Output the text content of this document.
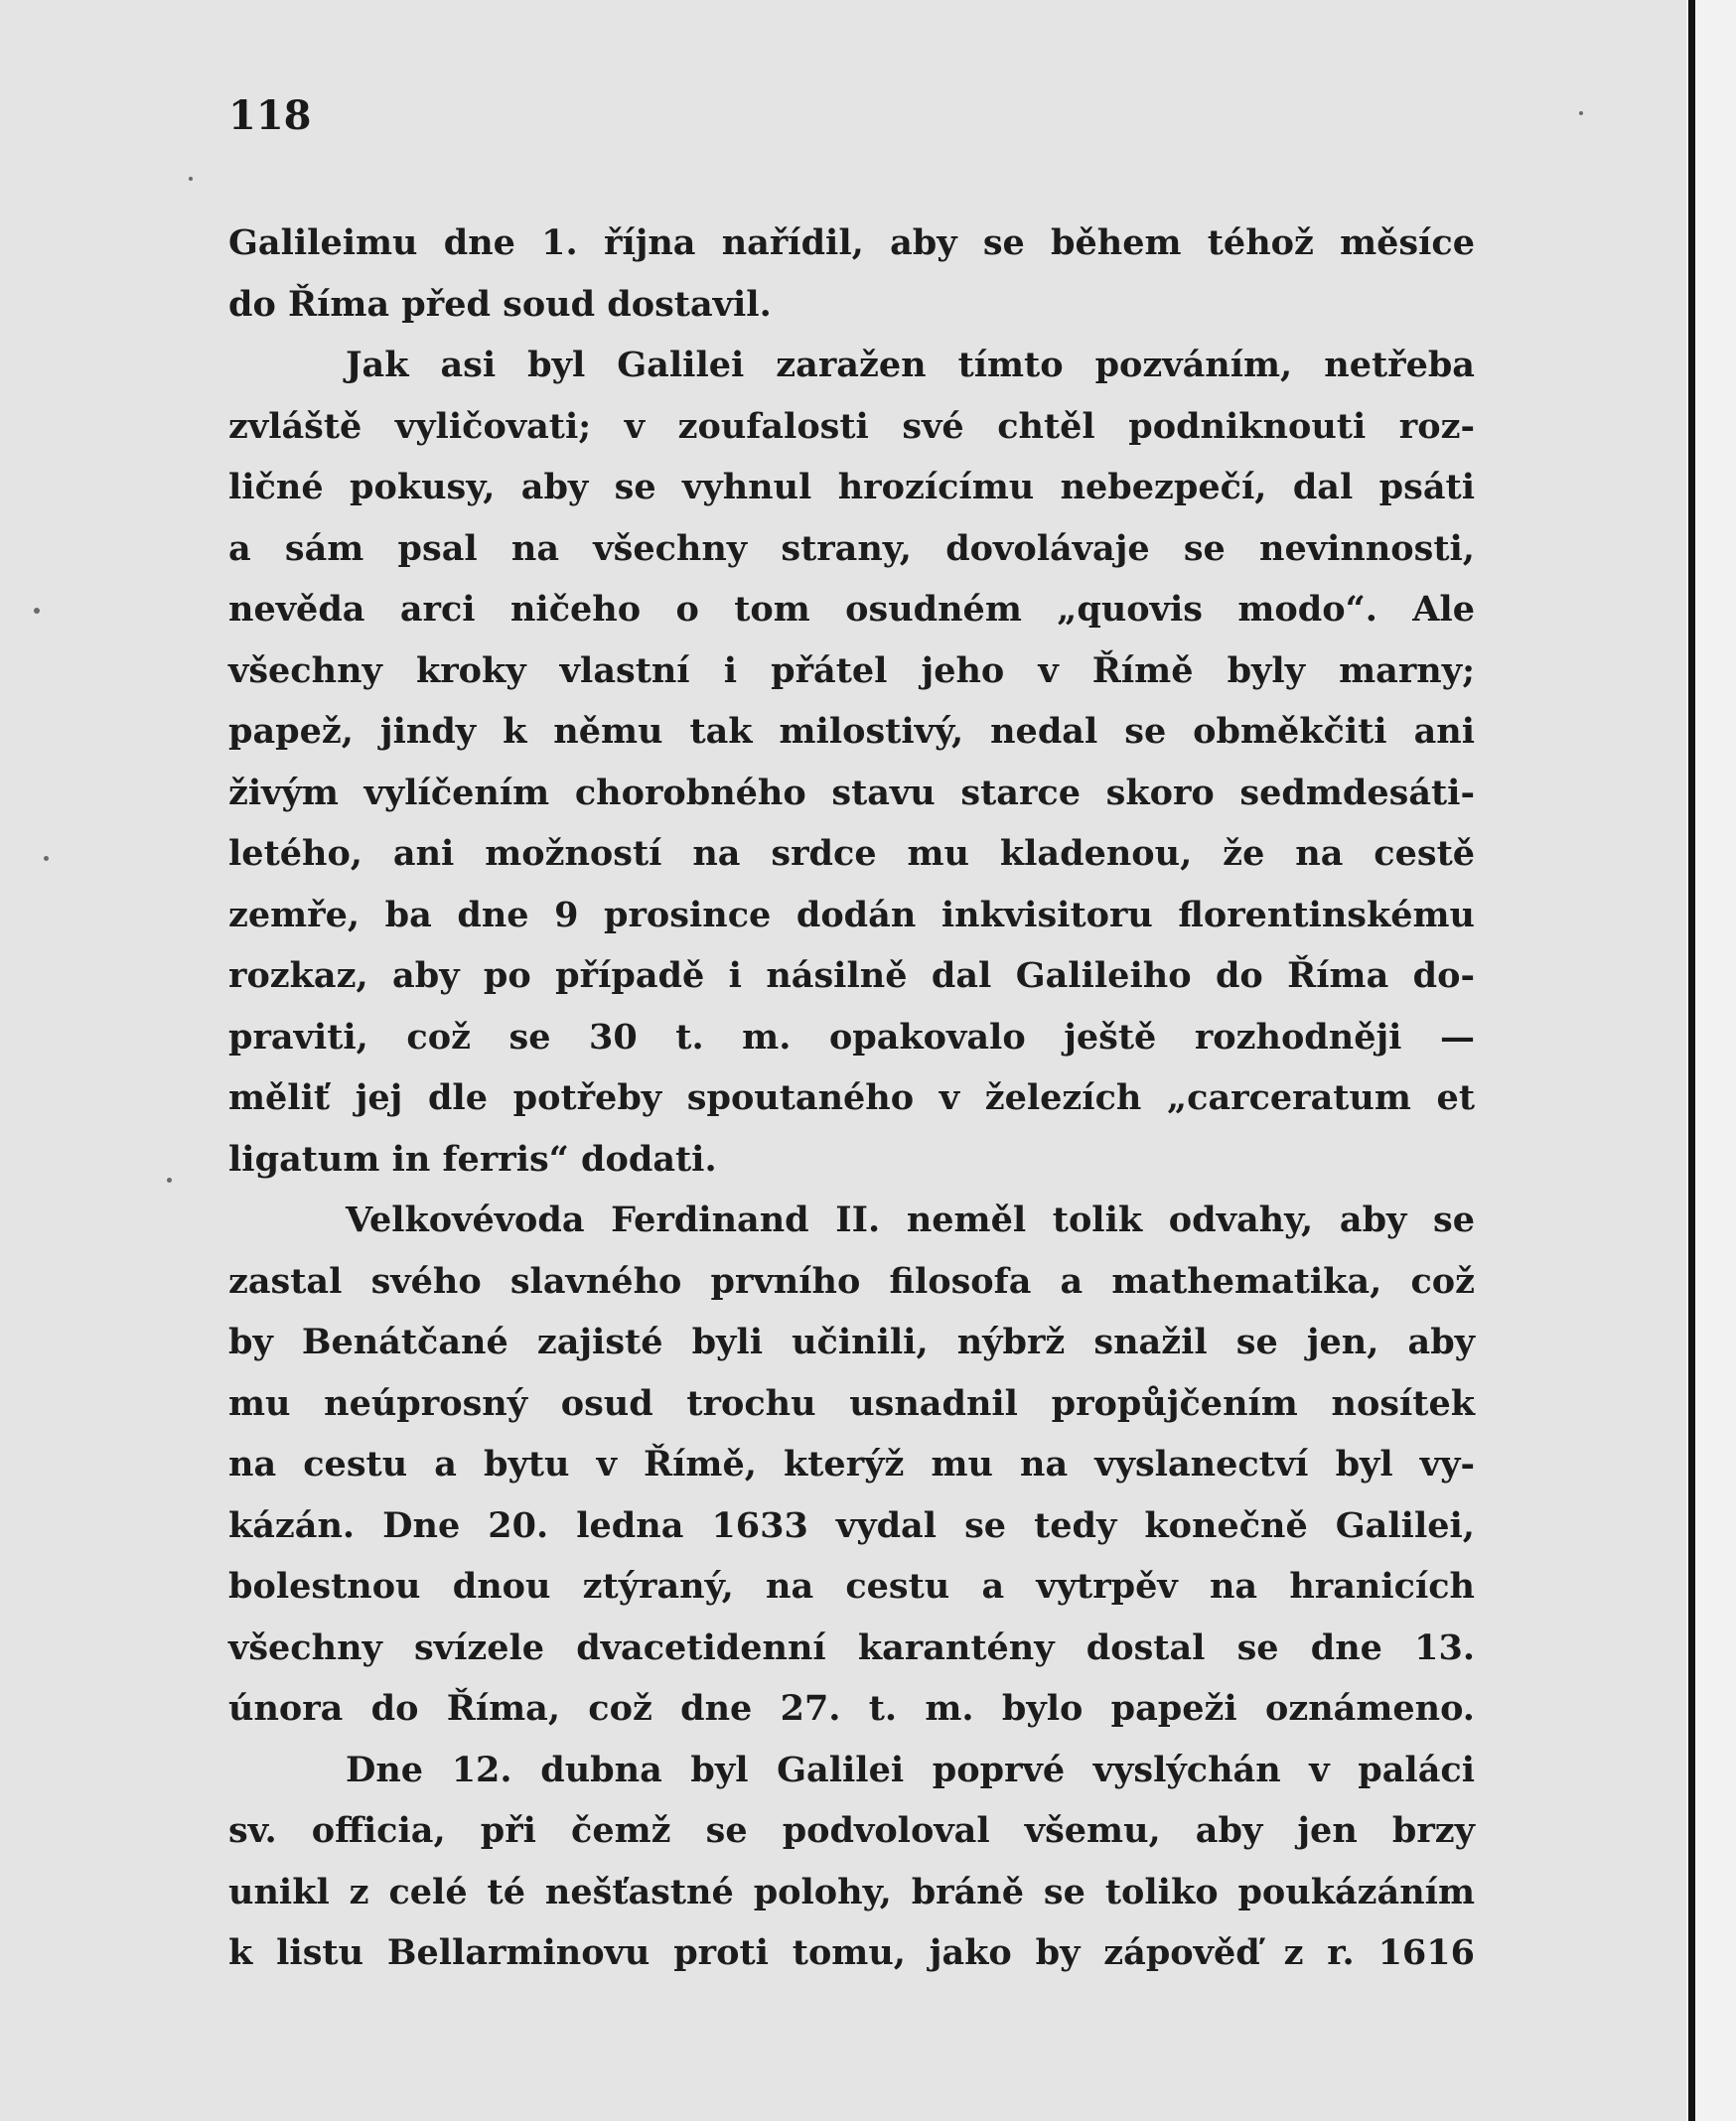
118

Galileimu dne 1. října nařídil, aby se během téhož měsíce

do Říma před soud dostavil.

Jak asi byl Galilei zaražen tímto pozváním, netřeba

zvláště vyličovati; v zoufalosti své chtěl podniknouti roz-

ličné pokusy, aby se vyhnul hrozícímu nebezpečí, dal psáti

a sám psal na všechny strany, dovolávaje se nevinnosti,

nevěda arci ničeho o tom osudném „quovis modo“. Ale

všechny kroky vlastní i přátel jeho v Římě byly marny;

papež, jindy k němu tak milostivý, nedal se obměkčiti ani

živým vylíčením chorobného stavu starce skoro sedmdesáti-

letého, ani možností na srdce mu kladenou, že na cestě

zemře, ba dne 9 prosince dodán inkvisitoru florentinskému

rozkaz, aby po případě i násilně dal Galileiho do Říma do-

praviti, což se 30 t. m. opakovalo ještě rozhodněji —

měliť jej dle potřeby spoutaného v železích „carceratum et

ligatum in ferris“ dodati.

Velkovévoda Ferdinand II. neměl tolik odvahy, aby se

zastal svého slavného prvního filosofa a mathematika, což

by Benátčané zajisté byli učinili, nýbrž snažil se jen, aby

mu neúprosný osud trochu usnadnil propůjčením nosítek

na cestu a bytu v Římě, kterýž mu na vyslanectví byl vy-

kázán. Dne 20. ledna 1633 vydal se tedy konečně Galilei,

bolestnou dnou ztýraný, na cestu a vytrpěv na hranicích

všechny svízele dvacetidenní karantény dostal se dne 13.

února do Říma, což dne 27. t. m. bylo papeži oznámeno.

Dne 12. dubna byl Galilei poprvé vyslýchán v paláci

sv. officia, při čemž se podvoloval všemu, aby jen brzy

unikl z celé té nešťastné polohy, bráně se toliko poukázáním

k listu Bellarminovu proti tomu, jako by zápověď z r. 1616
